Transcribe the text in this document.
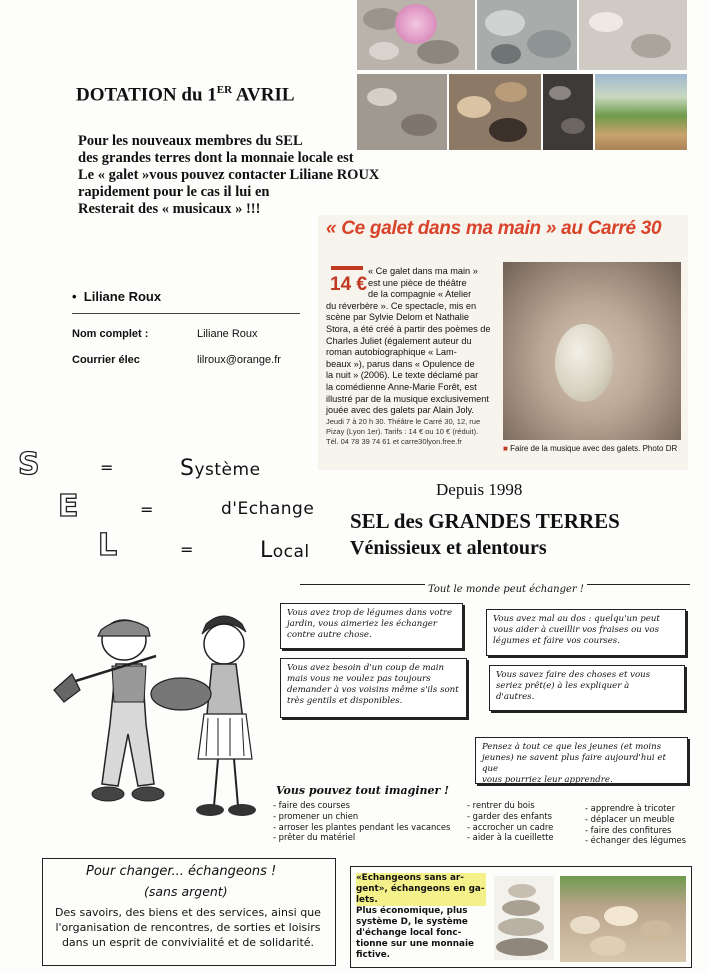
DOTATION du 1ER AVRIL
Pour les nouveaux membres du SEL
des grandes terres dont la monnaie locale est
Le « galet »vous pouvez contacter Liliane ROUX
rapidement pour le cas il lui en
Resterait des « musicaux » !!!
« Ce galet dans ma main » au Carré 30
14 €
« Ce galet dans ma main »
est une pièce de théâtre
de la compagnie « Atelier
du réverbère ». Ce spectacle, mis en
scène par Sylvie Delom et Nathalie
Stora, a été créé à partir des poèmes de
Charles Juliet (également auteur du
roman autobiographique « Lam-
beaux »), parus dans « Opulence de
la nuit » (2006). Le texte déclamé par
la comédienne Anne-Marie Forêt, est
illustré par de la musique exclusivement
jouée avec des galets par Alain Joly.
Jeudi 7 à 20 h 30. Théâtre le Carré 30, 12, rue
Pizay (Lyon 1er). Tarifs : 14 € ou 10 € (réduit).
Tél. 04 78 39 74 61 et carre30lyon.free.fr
■ Faire de la musique avec des galets. Photo DR
•  Liliane Roux
Nom complet :	Liliane Roux
Courrier élec	lilroux@orange.fr
S	=	Système
E	=	d'Echange
L	=	Local
Depuis 1998
SEL des GRANDES TERRES
Vénissieux et alentours
Tout le monde peut échanger !
Vous avez trop de légumes dans votre
jardin, vous aimeriez les échanger
contre autre chose.
Vous avez mal au dos : quelqu'un peut
vous aider à cueillir vos fraises ou vos
légumes et faire vos courses.
Vous avez besoin d'un coup de main
mais vous ne voulez pas toujours
demander à vos voisins même s'ils sont
très gentils et disponibles.
Vous savez faire des choses et vous
seriez prêt(e) à les expliquer à
d'autres.
Pensez à tout ce que les jeunes (et moins
jeunes) ne savent plus faire aujourd'hui et que
vous pourriez leur apprendre.
Vous pouvez tout imaginer !
- faire des courses
- promener un chien
- arroser les plantes pendant les vacances
- prêter du matériel
- rentrer du bois
- garder des enfants
- accrocher un cadre
- aider à la cueillette
- apprendre à tricoter
- déplacer un meuble
- faire des confitures
- échanger des légumes
Pour changer... échangeons !
(sans argent)
Des savoirs, des biens et des services, ainsi que
l'organisation de rencontres, de sorties et loisirs
dans un esprit de convivialité et de solidarité.
«Echangeons sans ar-
gent», échangeons en ga-
lets.
Plus économique, plus
système D, le système
d'échange local fonc-
tionne sur une monnaie
fictive.
